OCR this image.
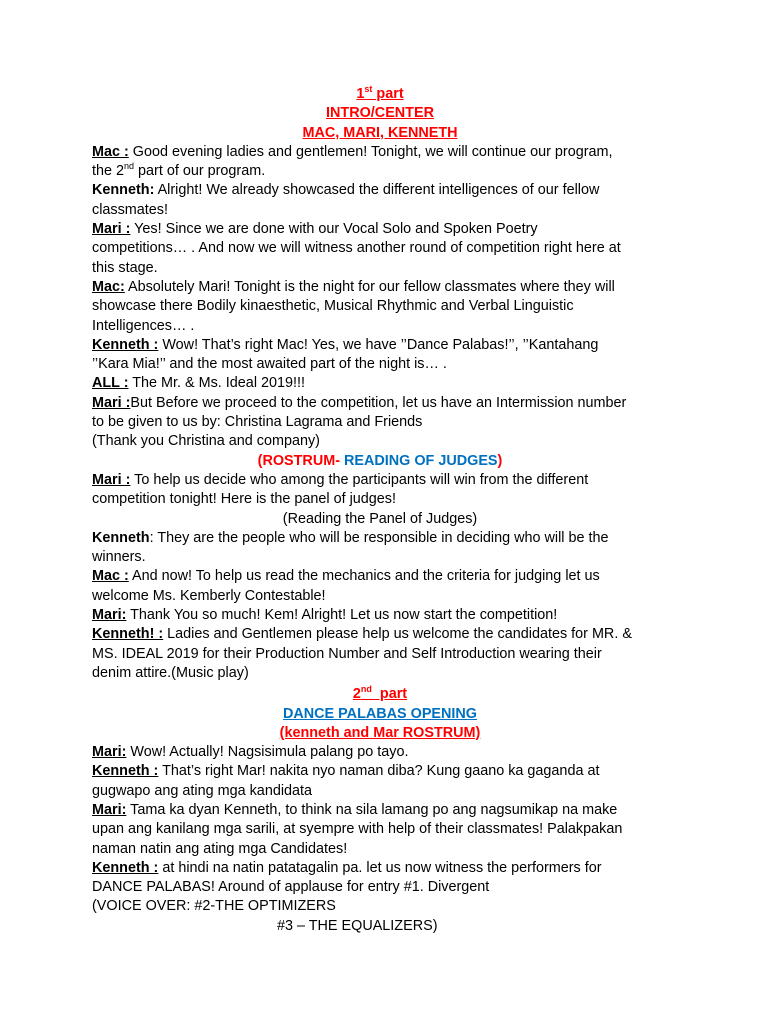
1st part
INTRO/CENTER
MAC, MARI, KENNETH
Mac : Good evening ladies and gentlemen! Tonight, we will continue our program,
the 2nd part of our program.
Kenneth: Alright! We already showcased the different intelligences of our fellow
classmates!
Mari : Yes! Since we are done with our Vocal Solo and Spoken Poetry
competitions… . And now we will witness another round of competition right here at
this stage.
Mac: Absolutely Mari! Tonight is the night for our fellow classmates where they will
showcase there Bodily kinaesthetic, Musical Rhythmic and Verbal Linguistic
Intelligences… .
Kenneth : Wow! That’s right Mac! Yes, we have ’’Dance Palabas!’’, ’’Kantahang
’’Kara Mia!’’ and the most awaited part of the night is… .
ALL : The Mr. & Ms. Ideal 2019!!!
Mari :But Before we proceed to the competition, let us have an Intermission number
to be given to us by: Christina Lagrama and Friends
(Thank you Christina and company)
(ROSTRUM- READING OF JUDGES)
Mari : To help us decide who among the participants will win from the different
competition tonight! Here is the panel of judges!
(Reading the Panel of Judges)
Kenneth: They are the people who will be responsible in deciding who will be the
winners.
Mac : And now! To help us read the mechanics and the criteria for judging let us
welcome Ms. Kemberly Contestable!
Mari: Thank You so much! Kem! Alright! Let us now start the competition!
Kenneth! : Ladies and Gentlemen please help us welcome the candidates for MR. &
MS. IDEAL 2019 for their Production Number and Self Introduction wearing their
denim attire.(Music play)
2nd  part
DANCE PALABAS OPENING
(kenneth and Mar ROSTRUM)
Mari: Wow! Actually! Nagsisimula palang po tayo.
Kenneth : That’s right Mar! nakita nyo naman diba? Kung gaano ka gaganda at
gugwapo ang ating mga kandidata
Mari: Tama ka dyan Kenneth, to think na sila lamang po ang nagsumikap na make
upan ang kanilang mga sarili, at syempre with help of their classmates! Palakpakan
naman natin ang ating mga Candidates!
Kenneth : at hindi na natin patatagalin pa. let us now witness the performers for
DANCE PALABAS! Around of applause for entry #1. Divergent
(VOICE OVER: #2-THE OPTIMIZERS
#3 – THE EQUALIZERS)
